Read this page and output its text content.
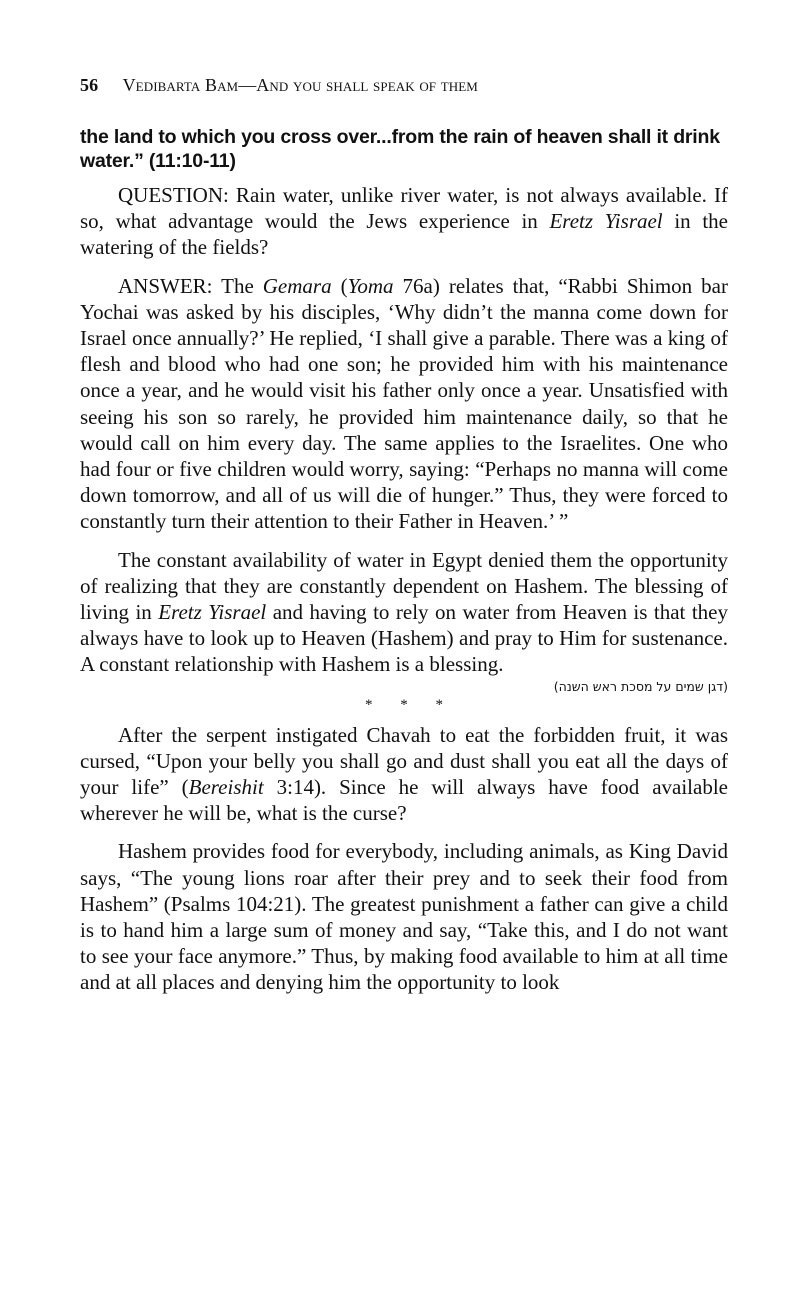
56 Vedibarta Bam—And you shall speak of them
the land to which you cross over...from the rain of heaven shall it drink water.” (11:10-11)

QUESTION: Rain water, unlike river water, is not always available. If so, what advantage would the Jews experience in Eretz Yisrael in the watering of the fields?

ANSWER: The Gemara (Yoma 76a) relates that, “Rabbi Shimon bar Yochai was asked by his disciples, ‘Why didn’t the manna come down for Israel once annually?’ He replied, ‘I shall give a parable. There was a king of flesh and blood who had one son; he provided him with his maintenance once a year, and he would visit his father only once a year. Unsatisfied with seeing his son so rarely, he provided him maintenance daily, so that he would call on him every day. The same applies to the Israelites. One who had four or five children would worry, saying: “Perhaps no manna will come down tomorrow, and all of us will die of hunger.” Thus, they were forced to constantly turn their attention to their Father in Heaven.’ ”

The constant availability of water in Egypt denied them the opportunity of realizing that they are constantly dependent on Hashem. The blessing of living in Eretz Yisrael and having to rely on water from Heaven is that they always have to look up to Heaven (Hashem) and pray to Him for sustenance. A constant relationship with Hashem is a blessing.

(דגן שמים על מסכת ראש השנה)
* * *

After the serpent instigated Chavah to eat the forbidden fruit, it was cursed, “Upon your belly you shall go and dust shall you eat all the days of your life” (Bereishit 3:14). Since he will always have food available wherever he will be, what is the curse?

Hashem provides food for everybody, including animals, as King David says, “The young lions roar after their prey and to seek their food from Hashem” (Psalms 104:21). The greatest punishment a father can give a child is to hand him a large sum of money and say, “Take this, and I do not want to see your face anymore.” Thus, by making food available to him at all time and at all places and denying him the opportunity to look
